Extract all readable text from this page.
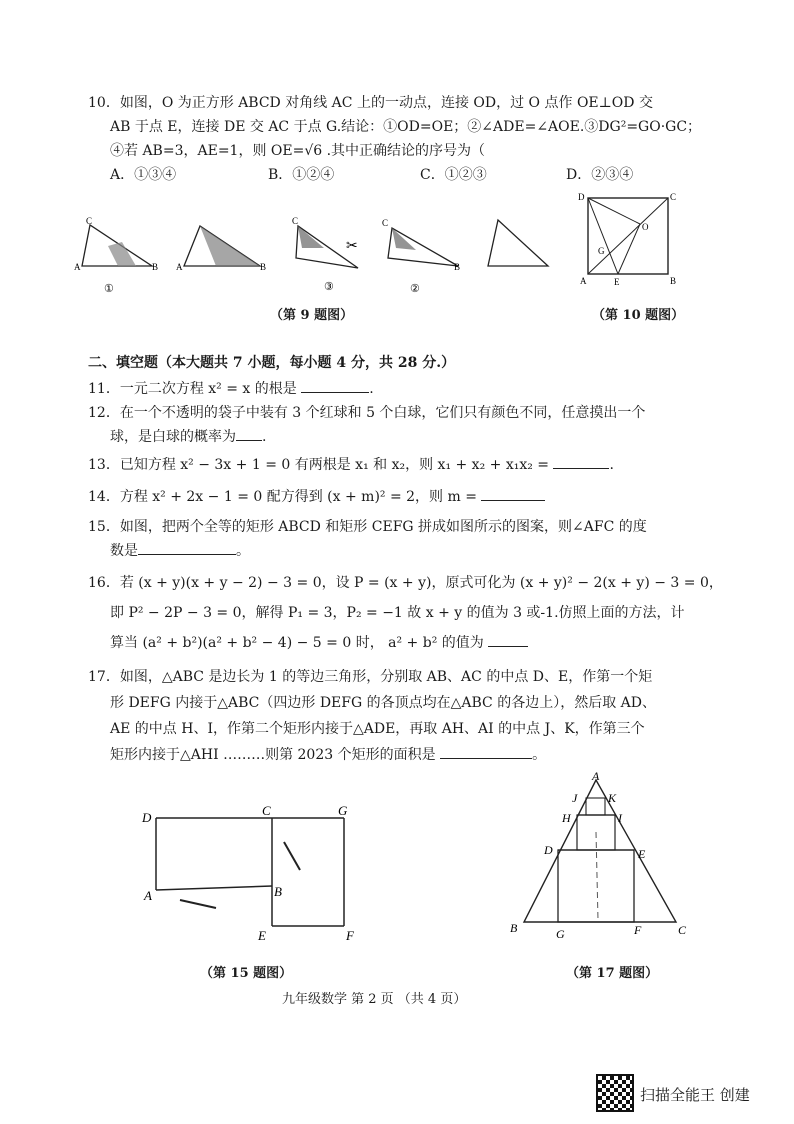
10．如图，O 为正方形 ABCD 对角线 AC 上的一动点，连接 OD，过 O 点作 OE⊥OD 交
AB 于点 E，连接 DE 交 AC 于点 G.结论：①OD=OE；②∠ADE=∠AOE.③DG²=GO·GC；
④若 AB=3，AE=1，则 OE=√6 .其中正确结论的序号为（
A．①③④	B．①②④	C．①②③	D．②③④
A
C
B
①
A	B
C
③
✂
C
B
②
（第 9 题图）
D	C
O
G
A	E	B
（第 10 题图）
二、填空题（本大题共 7 小题，每小题 4 分，共 28 分.）
11．一元二次方程 x² = x 的根是	.
12．在一个不透明的袋子中装有 3 个红球和 5 个白球，它们只有颜色不同，任意摸出一个
球，是白球的概率为 .
13．已知方程 x² − 3x + 1 = 0 有两根是 x₁ 和 x₂，则 x₁ + x₂ + x₁x₂ =	.
14．方程 x² + 2x − 1 = 0 配方得到 (x + m)² = 2，则 m =
15．如图，把两个全等的矩形 ABCD 和矩形 CEFG 拼成如图所示的图案，则∠AFC 的度
数是	。
16．若 (x + y)(x + y − 2) − 3 = 0，设 P = (x + y)，原式可化为 (x + y)² − 2(x + y) − 3 = 0，
即 P² − 2P − 3 = 0，解得 P₁ = 3，P₂ = −1 故 x + y 的值为 3 或-1.仿照上面的方法，计
算当 (a² + b²)(a² + b² − 4) − 5 = 0 时， a² + b² 的值为
17．如图，△ABC 是边长为 1 的等边三角形，分别取 AB、AC 的中点 D、E，作第一个矩
形 DEFG 内接于△ABC（四边形 DEFG 的各顶点均在△ABC 的各边上），然后取 AD、
AE 的中点 H、I，作第二个矩形内接于△ADE，再取 AH、AI 的中点 J、K，作第三个
矩形内接于△AHI ………则第 2023 个矩形的面积是	。
D	C	G
A	B
E	F
（第 15 题图）
A
J	K
H	I
D	E
B	G	F	C
（第 17 题图）
九年级数学 第 2 页 （共 4 页）
扫描全能王 创建
